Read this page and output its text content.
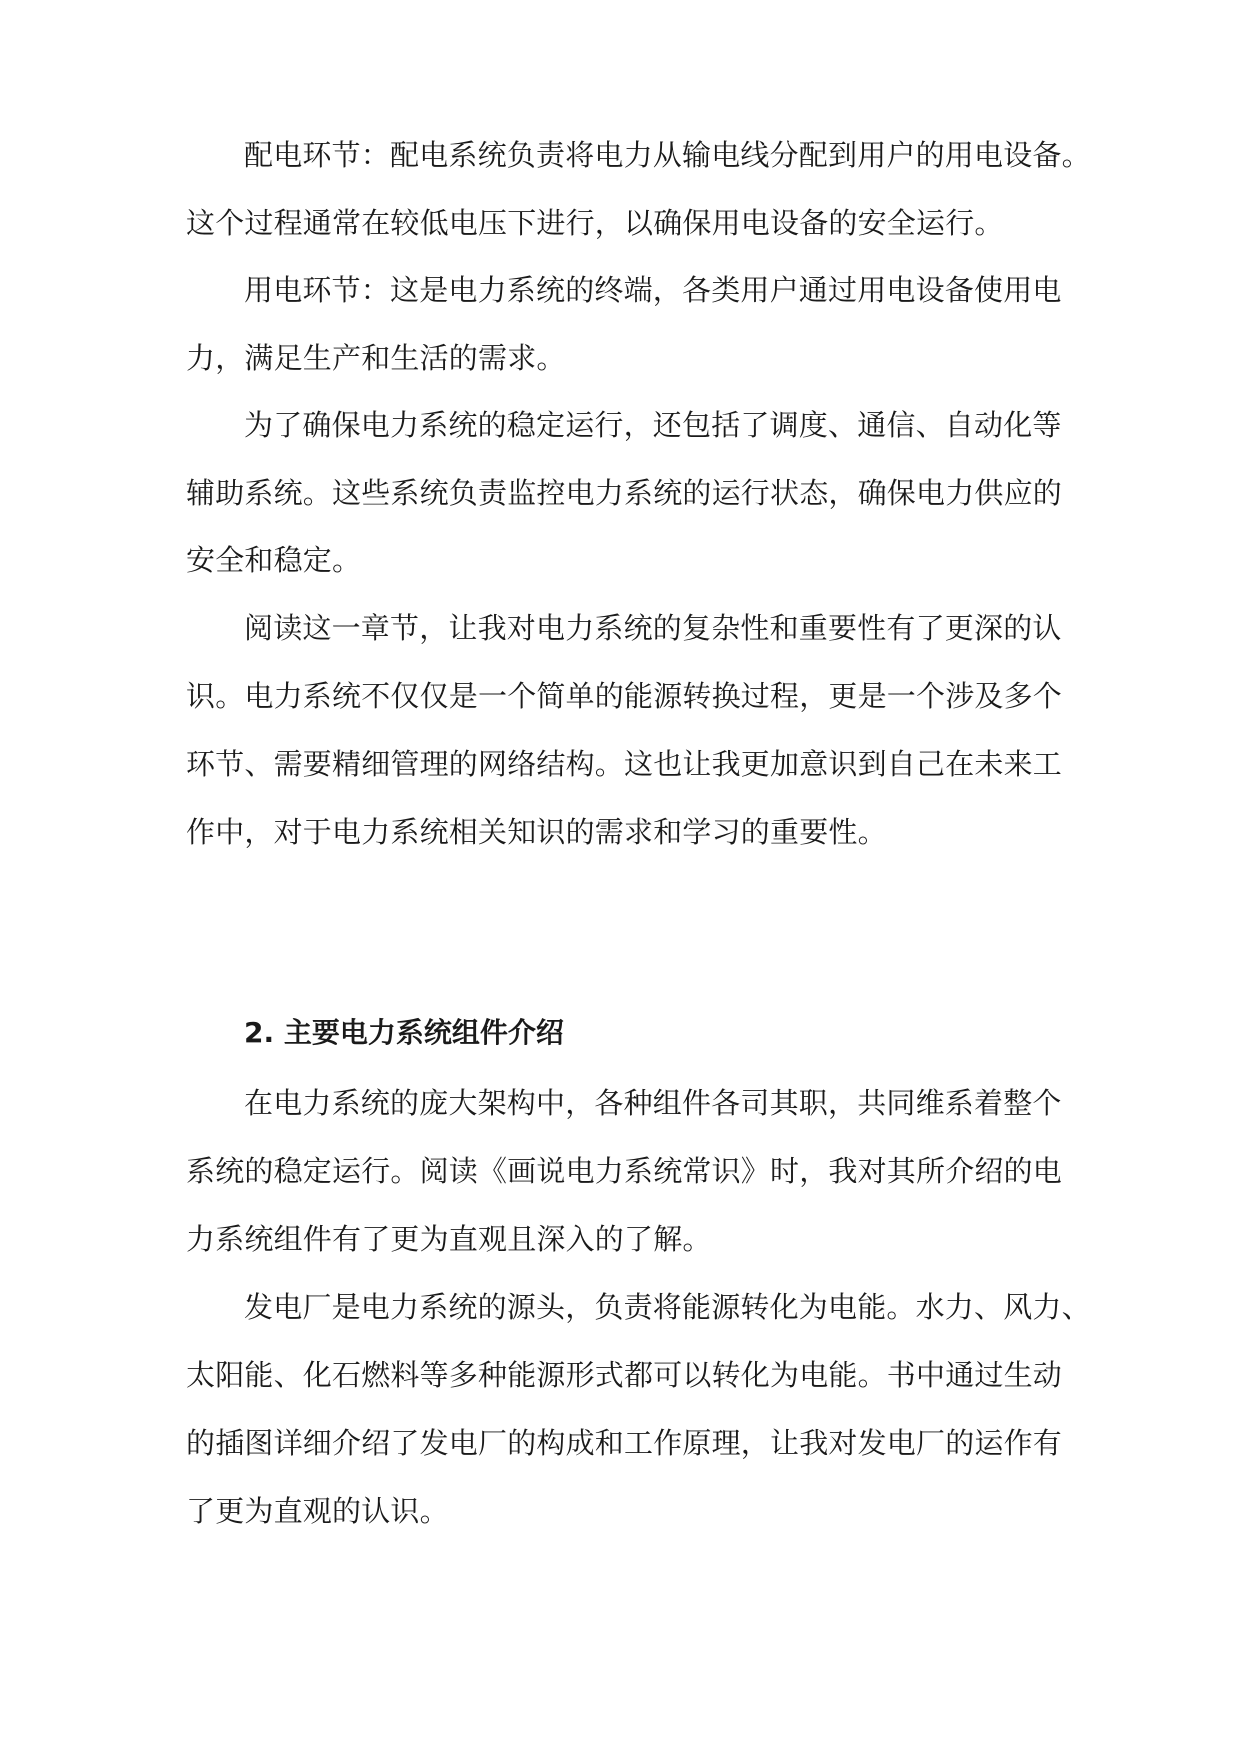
配电环节：配电系统负责将电力从输电线分配到用户的用电设备。
这个过程通常在较低电压下进行，以确保用电设备的安全运行。
用电环节：这是电力系统的终端，各类用户通过用电设备使用电
力，满足生产和生活的需求。
为了确保电力系统的稳定运行，还包括了调度、通信、自动化等
辅助系统。这些系统负责监控电力系统的运行状态，确保电力供应的
安全和稳定。
阅读这一章节，让我对电力系统的复杂性和重要性有了更深的认
识。电力系统不仅仅是一个简单的能源转换过程，更是一个涉及多个
环节、需要精细管理的网络结构。这也让我更加意识到自己在未来工
作中，对于电力系统相关知识的需求和学习的重要性。
2. 主要电力系统组件介绍
在电力系统的庞大架构中，各种组件各司其职，共同维系着整个
系统的稳定运行。阅读《画说电力系统常识》时，我对其所介绍的电
力系统组件有了更为直观且深入的了解。
发电厂是电力系统的源头，负责将能源转化为电能。水力、风力、
太阳能、化石燃料等多种能源形式都可以转化为电能。书中通过生动
的插图详细介绍了发电厂的构成和工作原理，让我对发电厂的运作有
了更为直观的认识。
